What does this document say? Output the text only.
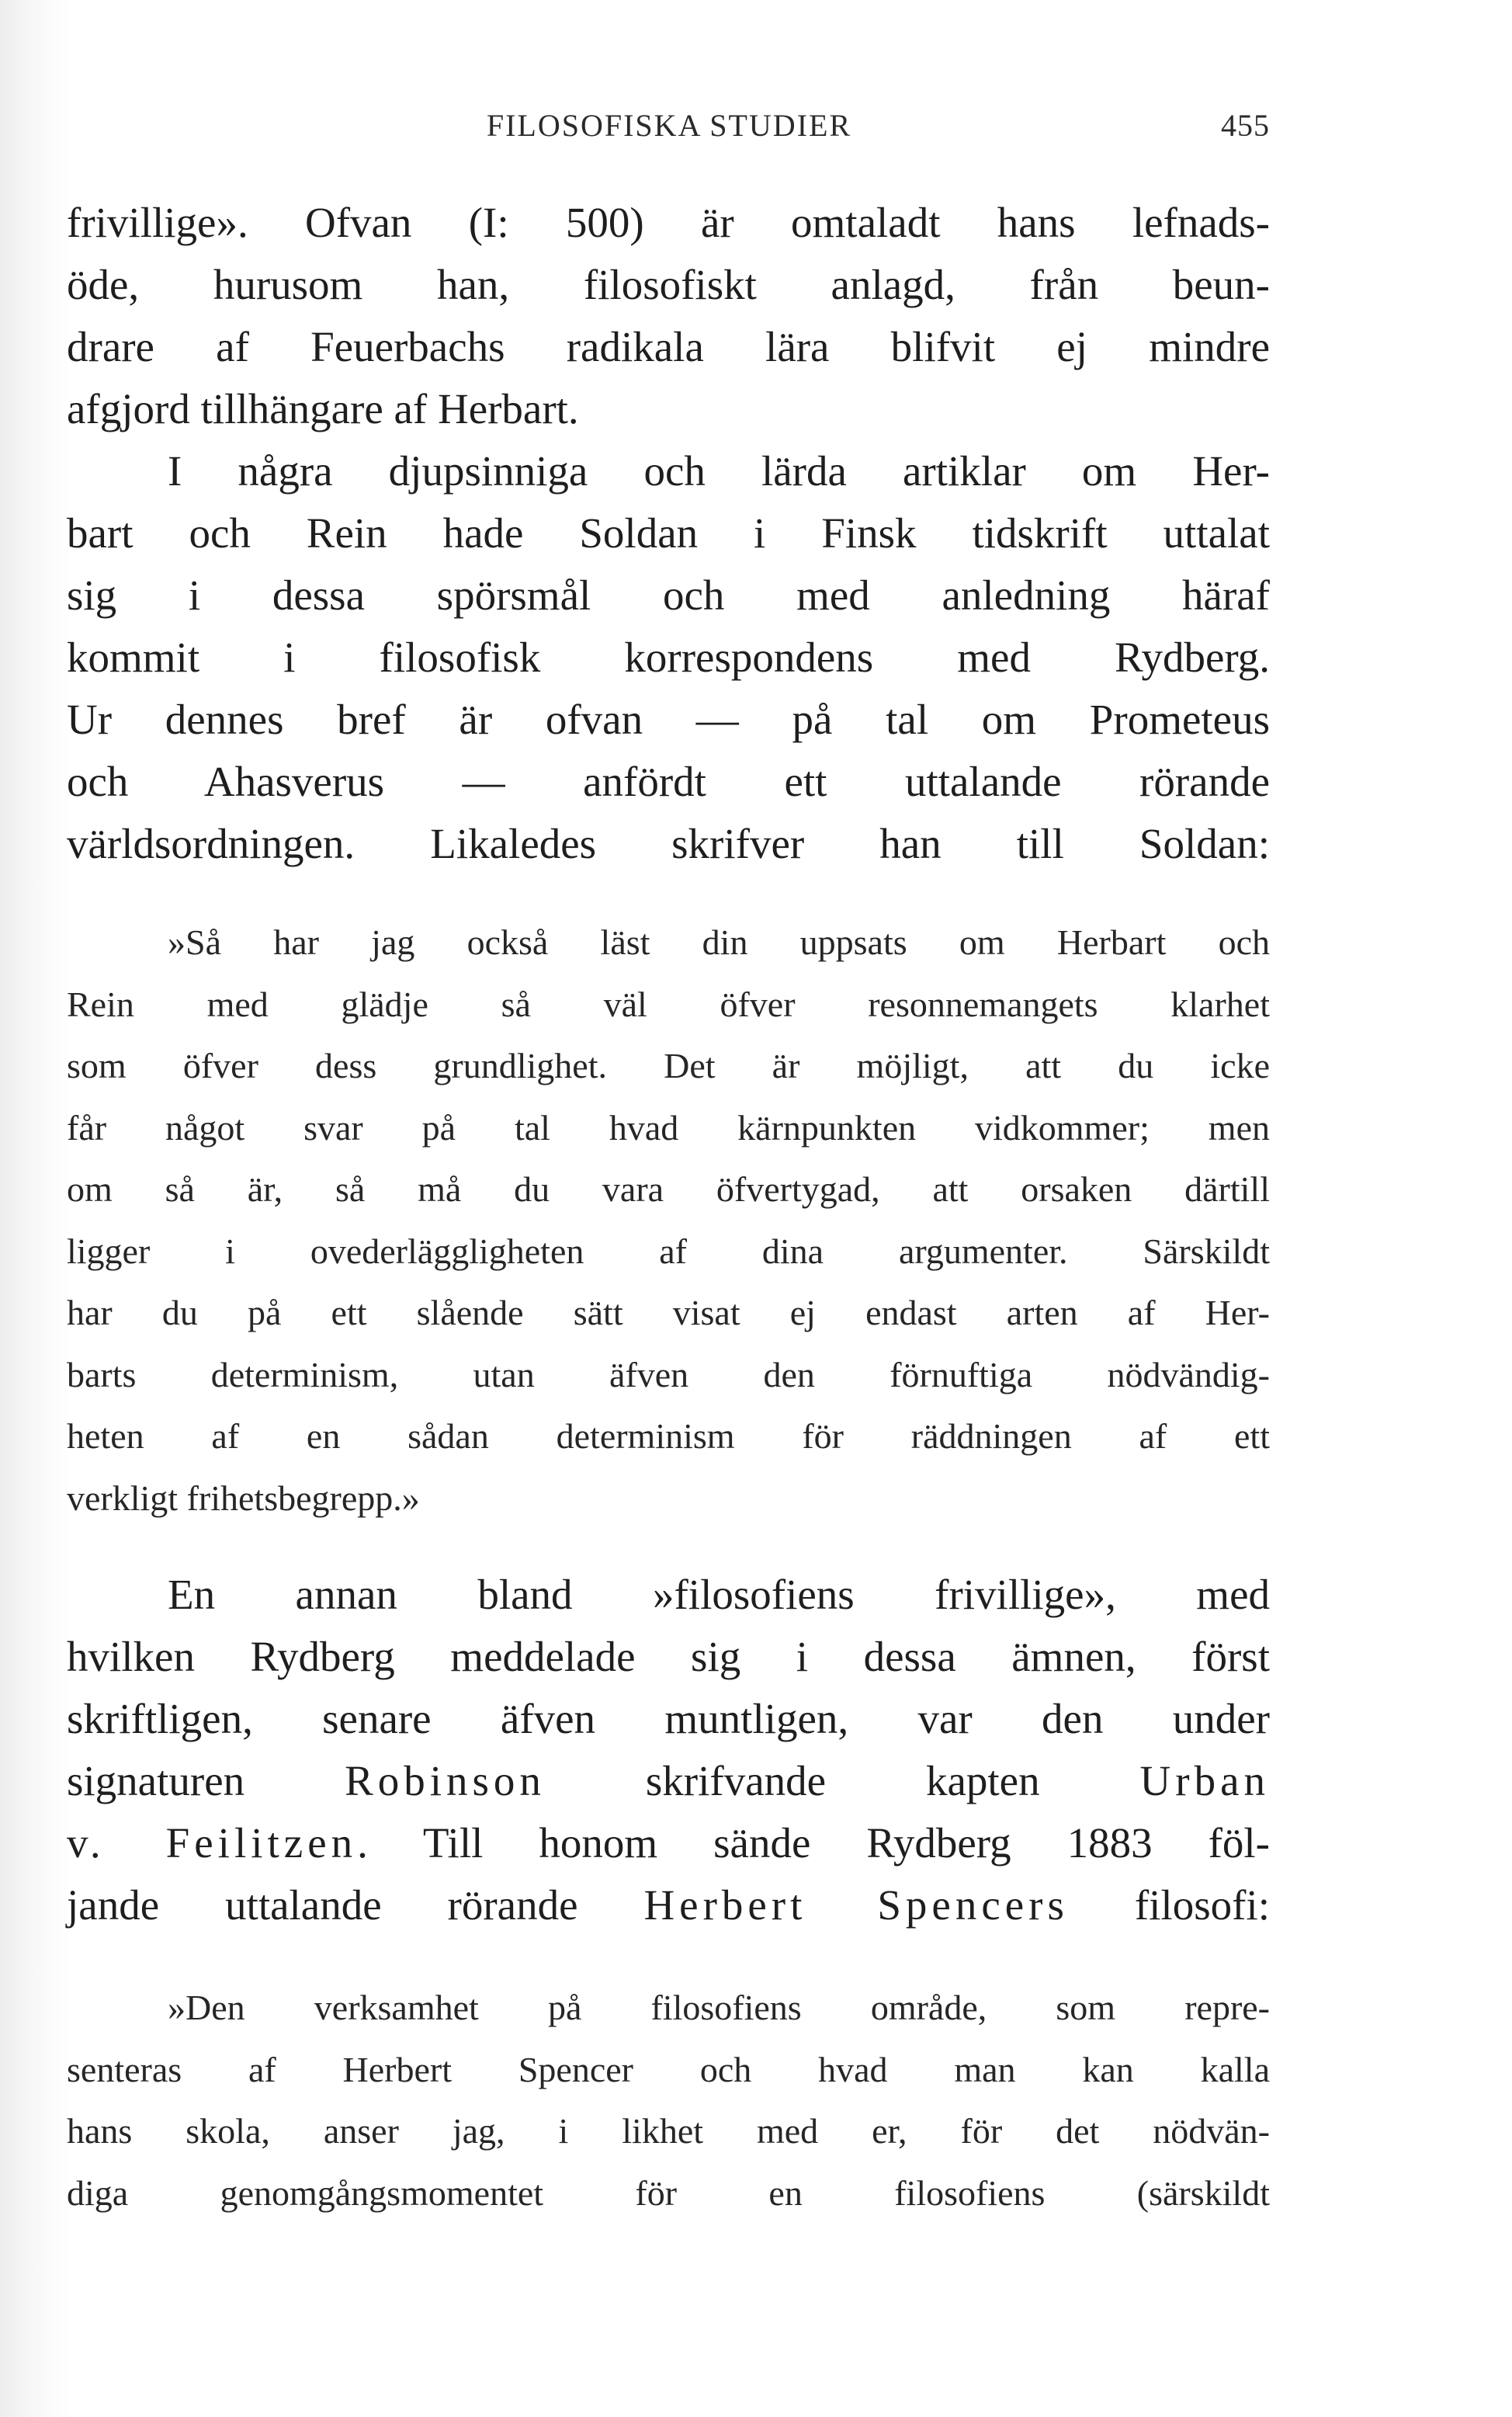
FILOSOFISKA STUDIER	455
frivillige». Ofvan (I: 500) är omtaladt hans lefnads-
öde, hurusom han, filosofiskt anlagd, från beun-
drare af Feuerbachs radikala lära blifvit ej mindre
afgjord tillhängare af Herbart.
I några djupsinniga och lärda artiklar om Her-
bart och Rein hade Soldan i Finsk tidskrift uttalat
sig i dessa spörsmål och med anledning häraf
kommit i filosofisk korrespondens med Rydberg.
Ur dennes bref är ofvan — på tal om Prometeus
och Ahasverus — anfördt ett uttalande rörande
världsordningen. Likaledes skrifver han till Soldan:
»Så har jag också läst din uppsats om Herbart och
Rein med glädje så väl öfver resonnemangets klarhet
som öfver dess grundlighet. Det är möjligt, att du icke
får något svar på tal hvad kärnpunkten vidkommer; men
om så är, så må du vara öfvertygad, att orsaken därtill
ligger i ovederläggligheten af dina argumenter. Särskildt
har du på ett slående sätt visat ej endast arten af Her-
barts determinism, utan äfven den förnuftiga nödvändig-
heten af en sådan determinism för räddningen af ett
verkligt frihetsbegrepp.»
En annan bland »filosofiens frivillige», med
hvilken Rydberg meddelade sig i dessa ämnen, först
skriftligen, senare äfven muntligen, var den under
signaturen Robinson skrifvande kapten Urban
v. Feilitzen. Till honom sände Rydberg 1883 föl-
jande uttalande rörande Herbert Spencers filosofi:
»Den verksamhet på filosofiens område, som repre-
senteras af Herbert Spencer och hvad man kan kalla
hans skola, anser jag, i likhet med er, för det nödvän-
diga genomgångsmomentet för en filosofiens (särskildt
